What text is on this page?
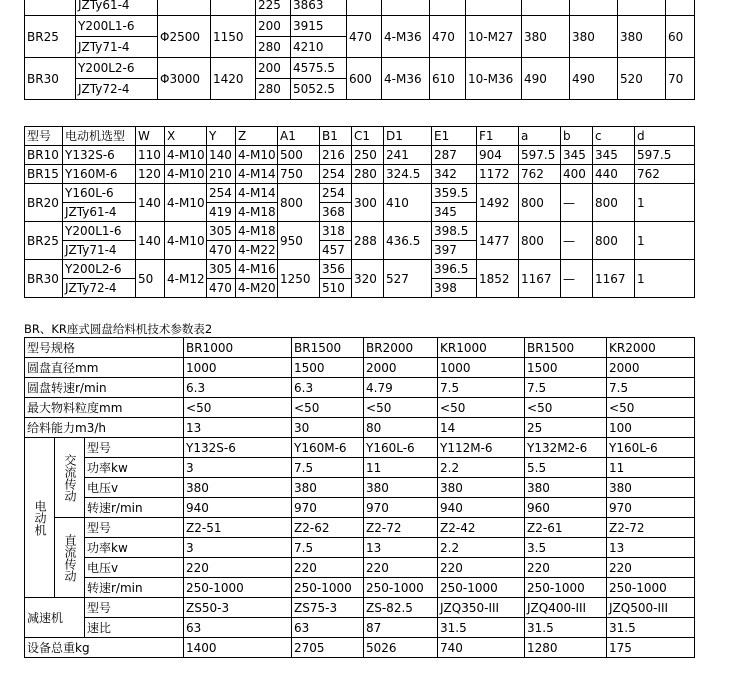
	JZTy61-4			225	3863								
BR25	Y200L1-6	Φ2500	1150	200	3915	470	4-M36	470	10-M27	380	380	380	60
	JZTy71-4			280	4210								
BR30	Y200L2-6	Φ3000	1420	200	4575.5	600	4-M36	610	10-M36	490	490	520	70
	JZTy72-4			280	5052.5								
型号	电动机选型	W	X	Y	Z	A1	B1	C1	D1	E1	F1	a	b	c	d
BR10	Y132S-6	110	4-M10	140	4-M10	500	216	250	241	287	904	597.5	345	345	597.5
BR15	Y160M-6	120	4-M10	210	4-M14	750	254	280	324.5	342	1172	762	400	440	762
BR20	Y160L-6	140	4-M10	254	4-M14	800	254	300	410	359.5	1492	800	—	800	1
	JZTy61-4			419	4-M18		368			345					
BR25	Y200L1-6	140	4-M10	305	4-M18	950	318	288	436.5	398.5	1477	800	—	800	1
	JZTy71-4			470	4-M22		457			397					
BR30	Y200L2-6	50	4-M12	305	4-M16	1250	356	320	527	396.5	1852	1167	—	1167	1
	JZTy72-4			470	4-M20		510			398					
BR、KR座式圆盘给料机技术参数表2
型号规格			BR1000	BR1500	BR2000	KR1000	BR1500	KR2000
圆盘直径mm			1000	1500	2000	1000	1500	2000
圆盘转速r/min			6.3	6.3	4.79	7.5	7.5	7.5
最大物料粒度mm			<50	<50	<50	<50	<50	<50
给料能力m3/h			13	30	80	14	25	100
电动机	交流传动	型号	Y132S-6	Y160M-6	Y160L-6	Y112M-6	Y132M2-6	Y160L-6
		功率kw	3	7.5	11	2.2	5.5	11
		电压v	380	380	380	380	380	380
		转速r/min	940	970	970	940	960	970
	直流传动	型号	Z2-51	Z2-62	Z2-72	Z2-42	Z2-61	Z2-72
		功率kw	3	7.5	13	2.2	3.5	13
		电压v	220	220	220	220	220	220
		转速r/min	250-1000	250-1000	250-1000	250-1000	250-1000	250-1000
减速机		型号	ZS50-3	ZS75-3	ZS-82.5	JZQ350-III	JZQ400-III	JZQ500-III
		速比	63	63	87	31.5	31.5	31.5
设备总重kg			1400	2705	5026	740	1280	175
